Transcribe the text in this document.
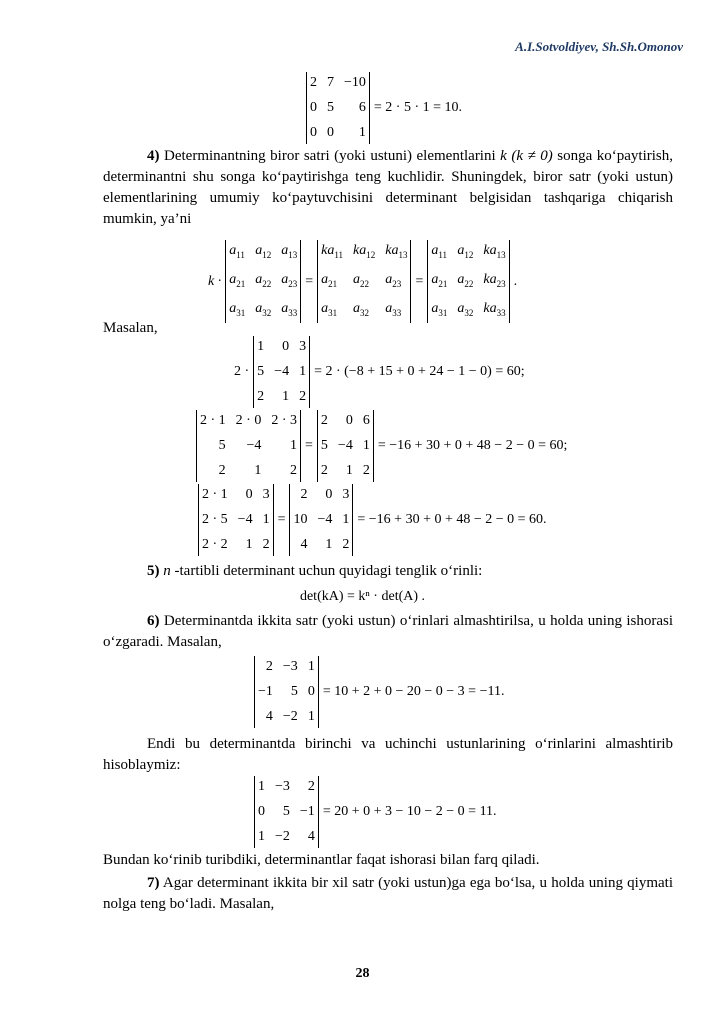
A.I.Sotvoldiyev, Sh.Sh.Omonov
2 7 −10
0 5	6
0 0	1
= 2 · 5 · 1 = 10.

4) Determinantning biror satri (yoki ustuni) elementlarini k (k ≠ 0) songa ko‘paytirish, determinantni shu songa ko‘paytirishga teng kuchlidir. Shuningdek, biror satr (yoki ustun) elementlarining umumiy ko‘paytuvchisini determinant belgisidan tashqariga chiqarish mumkin, ya’ni

k ·
$a_{11}$ $a_{12}$ $a_{13}$
$a_{21}$ $a_{22}$ $a_{23}$
$a_{31}$ $a_{32}$ $a_{33}$
=
$ka_{11}$ $ka_{12}$ $ka_{13}$
$a_{21}$	$a_{22}$	$a_{23}$
$a_{31}$	$a_{32}$	$a_{33}$
=
$a_{11}$ $a_{12}$ $ka_{13}$
$a_{21}$ $a_{22}$ $ka_{23}$
$a_{31}$ $a_{32}$ $ka_{33}$
.

Masalan,

2 ·
1	0 3
5 −4 1
2	1 2
= 2 · (−8 + 15 + 0 + 24 − 1 − 0) = 60;
2 · 1 2 · 0 2 · 3
5	−4	1
2	1	2
=
2	0 6
5 −4 1
2	1 2
= −16 + 30 + 0 + 48 − 2 − 0 = 60;
2 · 1	0 3
2 · 5 −4 1
2 · 2	1 2
=
2	0 3
10 −4 1
4	1 2
= −16 + 30 + 0 + 48 − 2 − 0 = 60.

5) n -tartibli determinant uchun quyidagi tenglik o‘rinli:

det(kA) = kⁿ · det(A) .

6) Determinantda ikkita satr (yoki ustun) o‘rinlari almashtirilsa, u holda uning ishorasi o‘zgaradi. Masalan,

2 −3 1
−1	5 0
4 −2 1
= 10 + 2 + 0 − 20 − 0 − 3 = −11.

Endi bu determinantda birinchi va uchinchi ustunlarining o‘rinlarini almashtirib hisoblaymiz:

1 −3	2
0	5 −1
1 −2	4
= 20 + 0 + 3 − 10 − 2 − 0 = 11.

Bundan ko‘rinib turibdiki, determinantlar faqat ishorasi bilan farq qiladi.

7) Agar determinant ikkita bir xil satr (yoki ustun)ga ega bo‘lsa, u holda uning qiymati nolga teng bo‘ladi. Masalan,

28
